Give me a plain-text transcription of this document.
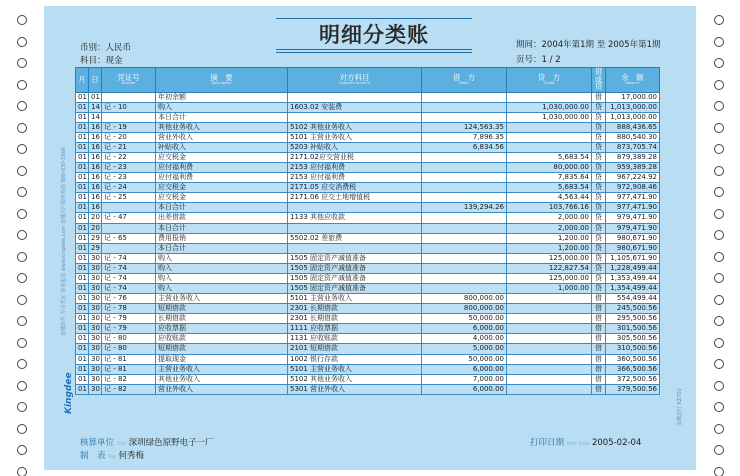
Kingdee
金蝶软件 专用凭证 财务报表 www.kingdee.com 金蝶用户服务热线 800-830-5566
金蝶套打 KZ702
明细分类账
币别：人民币
科目：现金
期间：2004年第1期 至 2005年第1期
页号：1 / 2
月	日	凭证号
Voucher	摘　要
Description	对方科目
Opposite Account	借　方
Debit	贷　方
Credit	借或贷	余　额
Balance

01	01		年初余额				借	17,000.00
01	14	记 - 10	购入	1603.02 安装费		1,030,000.00	贷	1,013,000.00
01	14		本日合计			1,030,000.00	贷	1,013,000.00
01	16	记 - 19	其他业务收入	5102 其他业务收入	124,563.35		贷	888,436.65
01	16	记 - 20	营业外收入	5101 主营业务收入	7,896.35		贷	880,540.30
01	16	记 - 21	补贴收入	5203 补贴收入	6,834.56		贷	873,705.74
01	16	记 - 22	应交税金	2171.02应交营业税		5,683.54	贷	879,389.28
01	16	记 - 23	应付福利费	2153 应付福利费		80,000.00	贷	959,389.28
01	16	记 - 23	应付福利费	2153 应付福利费		7,835.64	贷	967,224.92
01	16	记 - 24	应交税金	2171.05 应交消费税		5,683.54	贷	972,908.46
01	16	记 - 25	应交税金	2171.06 应交土地增值税		4,563.44	贷	977,471.90
01	16		本日合计		139,294.26	103,766.16	贷	977,471.90
01	20	记 - 47	出差借款	1133 其他应收款		2,000.00	贷	979,471.90
01	20		本日合计			2,000.00	贷	979,471.90
01	29	记 - 65	费用报销	5502.02 差旅费		1,200.00	贷	980,671.90
01	29		本日合计			1,200.00	贷	980,671.90
01	30	记 - 74	购入	1505 固定资产减值准备		125,000.00	贷	1,105,671.90
01	30	记 - 74	购入	1505 固定资产减值准备		122,827.54	贷	1,228,499.44
01	30	记 - 74	购入	1505 固定资产减值准备		125,000.00	贷	1,353,499.44
01	30	记 - 74	购入	1505 固定资产减值准备		1,000.00	贷	1,354,499.44
01	30	记 - 76	主营业务收入	5101 主营业务收入	800,000.00		借	554,499.44
01	30	记 - 78	短期借款	2301 长期借款	800,000.00		借	245,500.56
01	30	记 - 79	长期借款	2301 长期借款	50,000.00		借	295,500.56
01	30	记 - 79	应收票据	1111 应收票据	6,000.00		借	301,500.56
01	30	记 - 80	应收账款	1131 应收账款	4,000.00		借	305,500.56
01	30	记 - 80	短期借款	2101 短期借款	5,000.00		借	310,500.56
01	30	记 - 81	提取现金	1002 银行存款	50,000.00		借	360,500.56
01	30	记 - 81	主营业务收入	5101 主营业务收入	6,000.00		借	366,500.56
01	30	记 - 82	其他业务收入	5102 其他业务收入	7,000.00		借	372,500.56
01	30	记 - 82	营业外收入	5301 营业外收入	6,000.00		借	379,500.56
核算单位 Unit 深圳绿色原野电子一厂
制　表 Tab 何秀梅
打印日期 Print Date 2005-02-04
